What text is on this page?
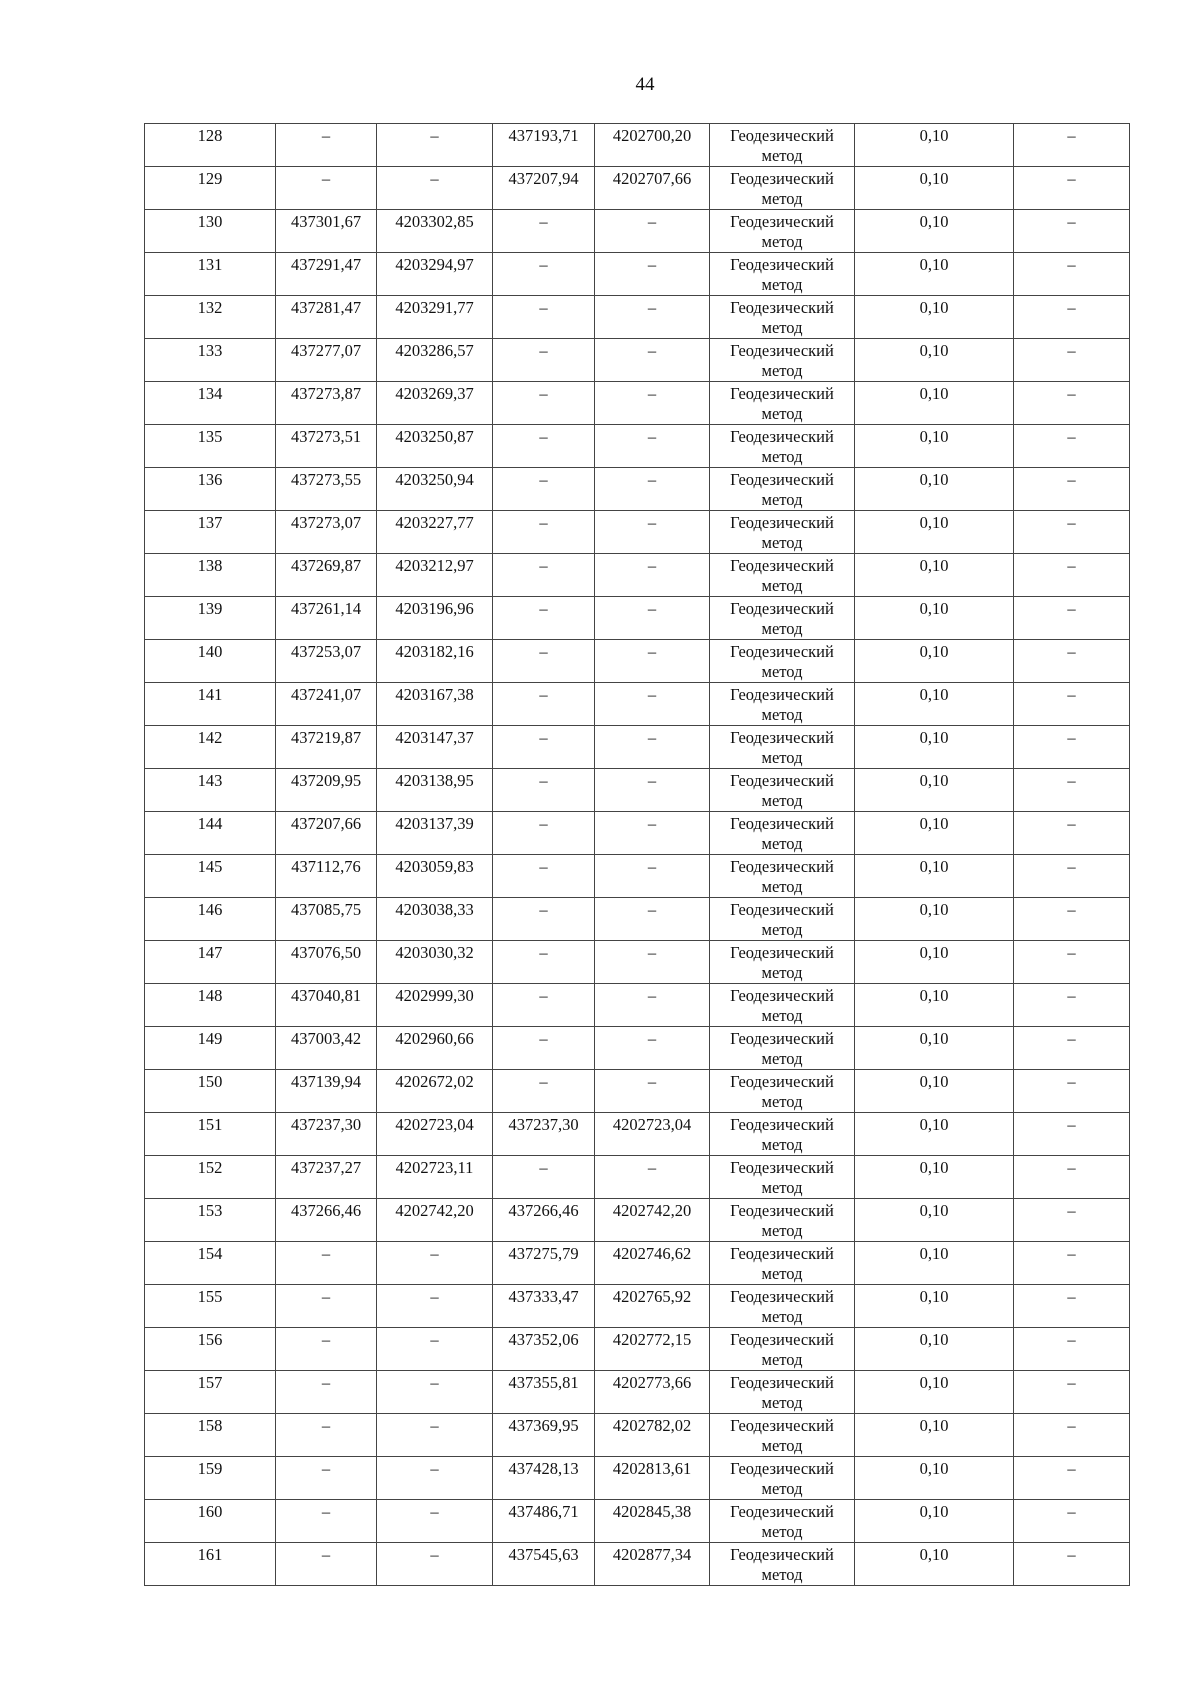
44
128	–	–	437193,71	4202700,20	Геодезический метод	0,10	–

129	–	–	437207,94	4202707,66	Геодезический метод	0,10	–

130	437301,67	4203302,85	–	–	Геодезический метод	0,10	–

131	437291,47	4203294,97	–	–	Геодезический метод	0,10	–

132	437281,47	4203291,77	–	–	Геодезический метод	0,10	–

133	437277,07	4203286,57	–	–	Геодезический метод	0,10	–

134	437273,87	4203269,37	–	–	Геодезический метод	0,10	–

135	437273,51	4203250,87	–	–	Геодезический метод	0,10	–

136	437273,55	4203250,94	–	–	Геодезический метод	0,10	–

137	437273,07	4203227,77	–	–	Геодезический метод	0,10	–

138	437269,87	4203212,97	–	–	Геодезический метод	0,10	–

139	437261,14	4203196,96	–	–	Геодезический метод	0,10	–

140	437253,07	4203182,16	–	–	Геодезический метод	0,10	–

141	437241,07	4203167,38	–	–	Геодезический метод	0,10	–

142	437219,87	4203147,37	–	–	Геодезический метод	0,10	–

143	437209,95	4203138,95	–	–	Геодезический метод	0,10	–

144	437207,66	4203137,39	–	–	Геодезический метод	0,10	–

145	437112,76	4203059,83	–	–	Геодезический метод	0,10	–

146	437085,75	4203038,33	–	–	Геодезический метод	0,10	–

147	437076,50	4203030,32	–	–	Геодезический метод	0,10	–

148	437040,81	4202999,30	–	–	Геодезический метод	0,10	–

149	437003,42	4202960,66	–	–	Геодезический метод	0,10	–

150	437139,94	4202672,02	–	–	Геодезический метод	0,10	–

151	437237,30	4202723,04	437237,30	4202723,04	Геодезический метод	0,10	–

152	437237,27	4202723,11	–	–	Геодезический метод	0,10	–

153	437266,46	4202742,20	437266,46	4202742,20	Геодезический метод	0,10	–

154	–	–	437275,79	4202746,62	Геодезический метод	0,10	–

155	–	–	437333,47	4202765,92	Геодезический метод	0,10	–

156	–	–	437352,06	4202772,15	Геодезический метод	0,10	–

157	–	–	437355,81	4202773,66	Геодезический метод	0,10	–

158	–	–	437369,95	4202782,02	Геодезический метод	0,10	–

159	–	–	437428,13	4202813,61	Геодезический метод	0,10	–

160	–	–	437486,71	4202845,38	Геодезический метод	0,10	–

161	–	–	437545,63	4202877,34	Геодезический метод	0,10	–
